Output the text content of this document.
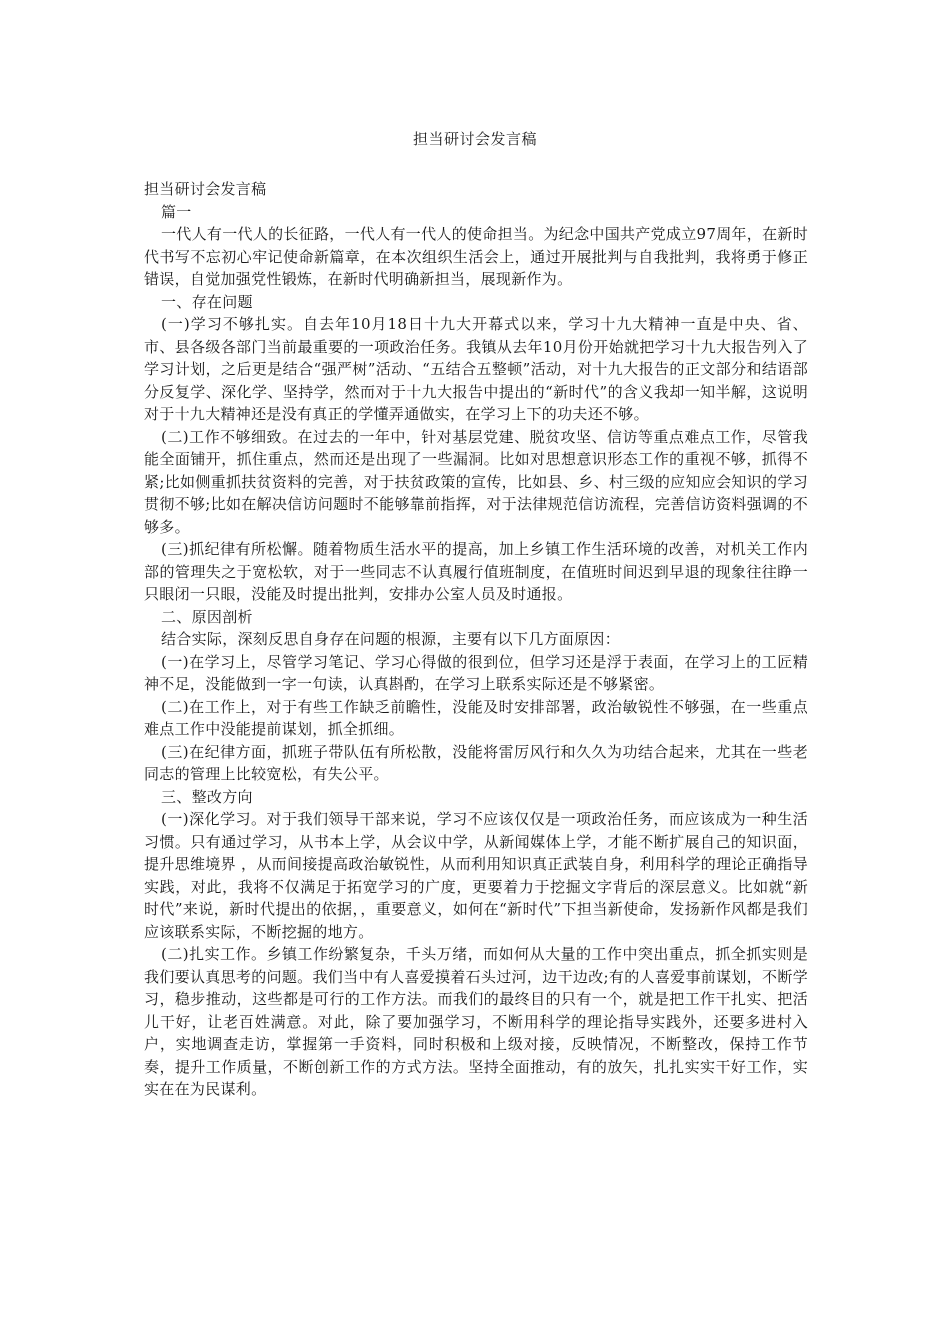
担当研讨会发言稿

担当研讨会发言稿

篇一

一代人有一代人的长征路，一代人有一代人的使命担当。为纪念中国共产党成立97周年，在新时代书写不忘初心牢记使命新篇章，在本次组织生活会上，通过开展批判与自我批判，我将勇于修正错误，自觉加强党性锻炼，在新时代明确新担当，展现新作为。

一、存在问题

(一)学习不够扎实。自去年10月18日十九大开幕式以来，学习十九大精神一直是中央、省、市、县各级各部门当前最重要的一项政治任务。我镇从去年10月份开始就把学习十九大报告列入了学习计划，之后更是结合“强严树”活动、“五结合五整顿”活动，对十九大报告的正文部分和结语部分反复学、深化学、坚持学，然而对于十九大报告中提出的“新时代”的含义我却一知半解，这说明对于十九大精神还是没有真正的学懂弄通做实，在学习上下的功夫还不够。

(二)工作不够细致。在过去的一年中，针对基层党建、脱贫攻坚、信访等重点难点工作，尽管我能全面铺开，抓住重点，然而还是出现了一些漏洞。比如对思想意识形态工作的重视不够，抓得不紧;比如侧重抓扶贫资料的完善，对于扶贫政策的宣传，比如县、乡、村三级的应知应会知识的学习贯彻不够;比如在解决信访问题时不能够靠前指挥，对于法律规范信访流程，完善信访资料强调的不够多。

(三)抓纪律有所松懈。随着物质生活水平的提高，加上乡镇工作生活环境的改善，对机关工作内部的管理失之于宽松软，对于一些同志不认真履行值班制度，在值班时间迟到早退的现象往往睁一只眼闭一只眼，没能及时提出批判，安排办公室人员及时通报。

二、原因剖析

结合实际，深刻反思自身存在问题的根源，主要有以下几方面原因：

(一)在学习上，尽管学习笔记、学习心得做的很到位，但学习还是浮于表面，在学习上的工匠精神不足，没能做到一字一句读，认真斟酌，在学习上联系实际还是不够紧密。

(二)在工作上，对于有些工作缺乏前瞻性，没能及时安排部署，政治敏锐性不够强，在一些重点难点工作中没能提前谋划，抓全抓细。

(三)在纪律方面，抓班子带队伍有所松散，没能将雷厉风行和久久为功结合起来，尤其在一些老同志的管理上比较宽松，有失公平。

三、整改方向

(一)深化学习。对于我们领导干部来说，学习不应该仅仅是一项政治任务，而应该成为一种生活习惯。只有通过学习，从书本上学，从会议中学，从新闻媒体上学，才能不断扩展自己的知识面，提升思维境界 ，从而间接提高政治敏锐性，从而利用知识真正武装自身，利用科学的理论正确指导实践，对此，我将不仅满足于拓宽学习的广度，更要着力于挖掘文字背后的深层意义。比如就“新时代”来说，新时代提出的依据，，重要意义，如何在“新时代”下担当新使命，发扬新作风都是我们应该联系实际，不断挖掘的地方。

(二)扎实工作。乡镇工作纷繁复杂，千头万绪，而如何从大量的工作中突出重点，抓全抓实则是我们要认真思考的问题。我们当中有人喜爱摸着石头过河，边干边改;有的人喜爱事前谋划，不断学习，稳步推动，这些都是可行的工作方法。而我们的最终目的只有一个，就是把工作干扎实、把活儿干好，让老百姓满意。对此，除了要加强学习，不断用科学的理论指导实践外，还要多进村入户，实地调查走访，掌握第一手资料，同时积极和上级对接，反映情况，不断整改，保持工作节奏，提升工作质量，不断创新工作的方式方法。坚持全面推动，有的放矢，扎扎实实干好工作，实实在在为民谋利。
